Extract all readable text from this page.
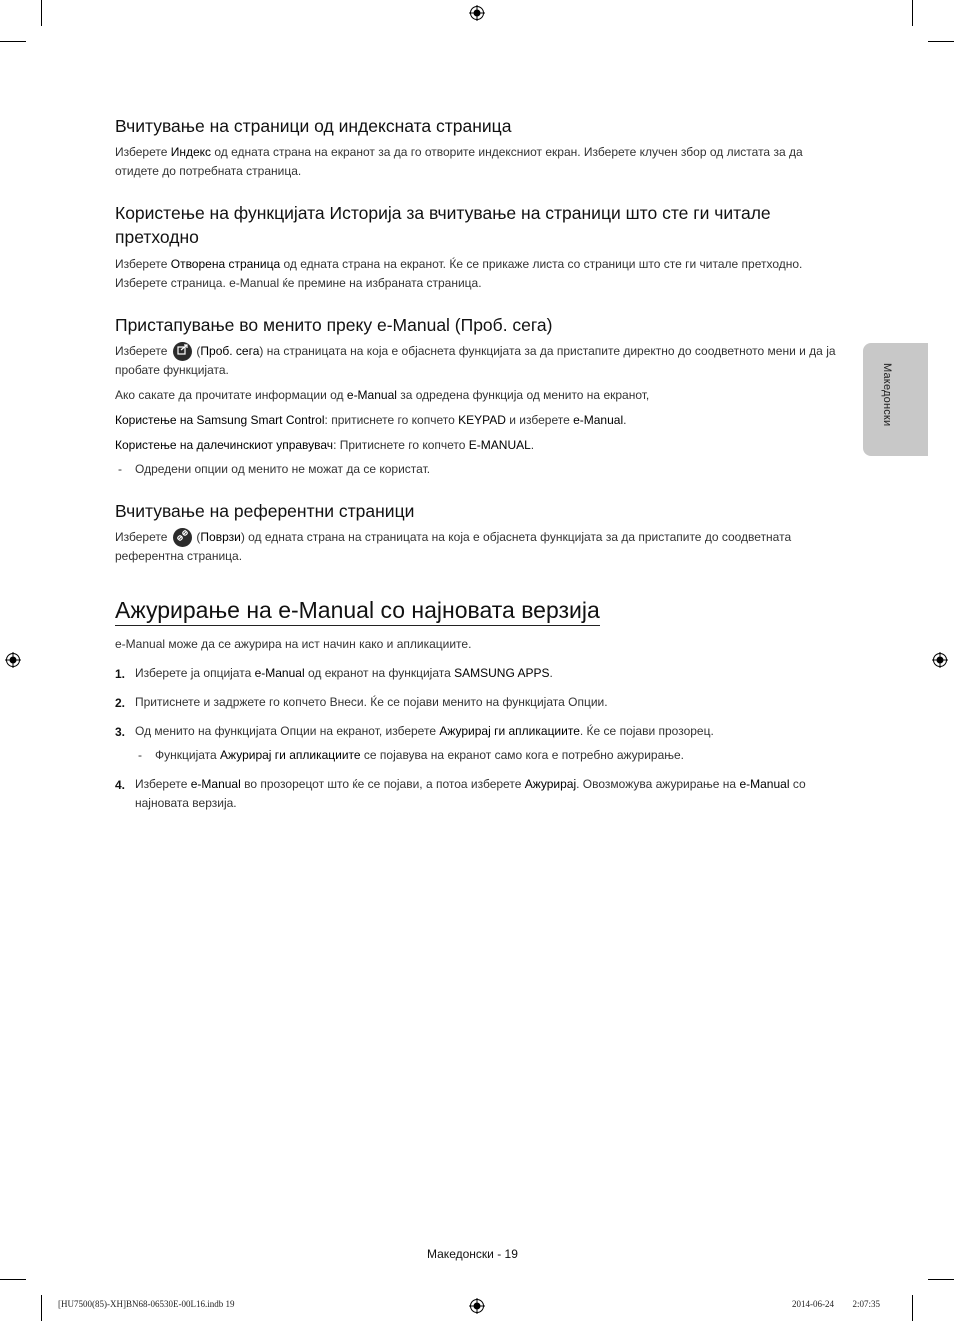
Вчитување на страници од индексната страница
Изберете Индекс од едната страна на екранот за да го отворите индексниот екран. Изберете клучен збор од листата за да
отидете до потребната страница.
Користење на функцијата Историја за вчитување на страници што сте ги читале
претходно
Изберете Отворена страница од едната страна на екранот. Ќе се прикаже листа со страници што сте ги читале претходно.
Изберете страница. e-Manual ќе премине на избраната страница.
Пристапување во менито преку e-Manual (Проб. сега)
Изберете (Проб. сега) на страницата на која е објаснета функцијата за да пристапите директно до соодветното мени и да ја
пробате функцијата.
Ако сакате да прочитате информации од e-Manual за одредена функција од менито на екранот,
Користење на Samsung Smart Control: притиснете го копчето KEYPAD и изберете e-Manual.
Користење на далечинскиот управувач: Притиснете го копчето E-MANUAL.
- Одредени опции од менито не можат да се користат.
Вчитување на референтни страници
Изберете (Поврзи) од едната страна на страницата на која е објаснета функцијата за да пристапите до соодветната
референтна страница.
Ажурирање на e-Manual со најновата верзија
e-Manual може да се ажурира на ист начин како и апликациите.
1. Изберете ја опцијата e-Manual од екранот на функцијата SAMSUNG APPS.
2. Притиснете и задржете го копчето Внеси. Ќе се појави менито на функцијата Опции.
3. Од менито на функцијата Опции на екранот, изберете Ажурирај ги апликациите. Ќе се појави прозорец.
- Функцијата Ажурирај ги апликациите се појавува на екранот само кога е потребно ажурирање.
4. Изберете e-Manual во прозорецот што ќе се појави, а потоа изберете Ажурирај. Овозможува ажурирање на e-Manual со
најновата верзија.
Македонски
Македонски - 19
[HU7500(85)-XH]BN68-06530E-00L16.indb 19	2014-06-24 ￿￿ 2:07:35
